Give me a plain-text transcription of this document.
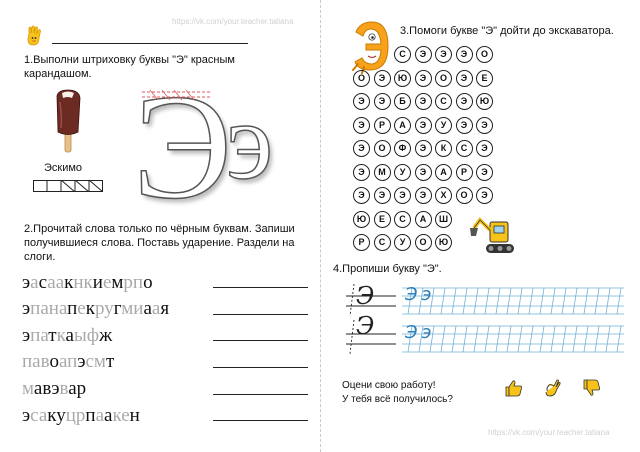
https://vk.com/your.teacher.tatiana
https://vk.com/your.teacher.tatiana
1.Выполни штриховку буквы "Э" красным карандашом.
Эскимо Э
э
2.Прочитай слова только по чёрным буквам. Запиши получившиеся слова. Поставь ударение. Раздели на слоги.
эасаакнкиемрпо
эпанапекругмиаая
эпаткаыфж
павоапэсмт
мавэвар
эсакуцрпаакен
3.Помоги букве "Э" дойти до экскаватора.
С	Э	Э	Э	О
О	Э	Ю	Э	О	Э	Е
Э	Э	Б	Э	С	Э	Ю
Э	Р	А	Э	У	Э	Э
Э	О	Ф	Э	К	С	Э
Э	М	У	Э	А	Р	Э
Э	Э	Э	Э	Х	О	Э
Ю	Е	С	А	Ш
Р	С	У	О	Ю
4.Пропиши букву "Э".
Э
Э
Ээ
Ээ
Оцени свою работу!
У тебя всё получилось?
